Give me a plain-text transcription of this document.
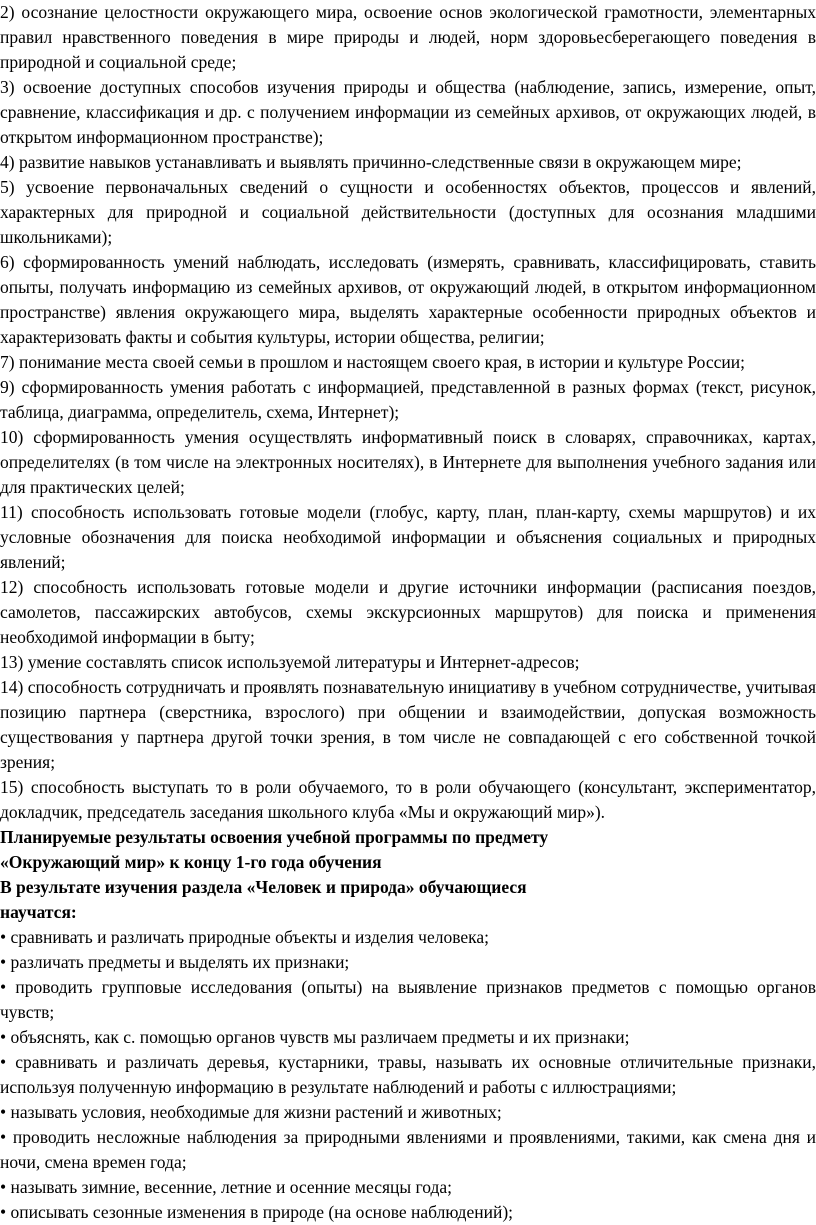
2) осознание целостности окружающего мира, освоение основ экологической грамотности, элементарных правил нравственного поведения в мире природы и людей, норм здоровьесберегающего поведения в природной и социальной среде;

3) освоение доступных способов изучения природы и общества (наблюдение, запись, измерение, опыт, сравнение, классификация и др. с получением информации из семейных архивов, от окружающих людей, в открытом информационном пространстве);

4) развитие навыков устанавливать и выявлять причинно-следственные связи в окружающем мире;

5) усвоение первоначальных сведений о сущности и особенностях объектов, процессов и явлений, характерных для природной и социальной действительности (доступных для осознания младшими школьниками);

6) сформированность умений наблюдать, исследовать (измерять, сравнивать, классифицировать, ставить опыты, получать информацию из семейных архивов, от окружающий людей, в открытом информационном пространстве) явления окружающего мира, выделять характерные особенности природных объектов и характеризовать факты и события культуры, истории общества, религии;

7) понимание места своей семьи в прошлом и настоящем своего края, в истории и культуре России;

9) сформированность умения работать с информацией, представленной в разных формах (текст, рисунок, таблица, диаграмма, определитель, схема, Интернет);

10) сформированность умения осуществлять информативный поиск в словарях, справочниках, картах, определителях (в том числе на электронных носителях), в Интернете для выполнения учебного задания или для практических целей;

11) способность использовать готовые модели (глобус, карту, план, план-карту, схемы маршрутов) и их условные обозначения для поиска необходимой информации и объяснения социальных и природных явлений;

12) способность использовать готовые модели и другие источники информации (расписания поездов, самолетов, пассажирских автобусов, схемы экскурсионных маршрутов) для поиска и применения необходимой информации в быту;

13) умение составлять список используемой литературы и Интернет-адресов;

14) способность сотрудничать и проявлять познавательную инициативу в учебном сотрудничестве, учитывая позицию партнера (сверстника, взрослого) при общении и взаимодействии, допуская возможность существования у партнера другой точки зрения, в том числе не совпадающей с его собственной точкой зрения;

15) способность выступать то в роли обучаемого, то в роли обучающего (консультант, экспериментатор, докладчик, председатель заседания школьного клуба «Мы и окружающий мир»).

Планируемые результаты освоения учебной программы по предмету

«Окружающий мир» к концу 1-го года обучения

В результате изучения раздела «Человек и природа» обучающиеся

научатся:

• сравнивать и различать природные объекты и изделия человека;

• различать предметы и выделять их признаки;

• проводить групповые исследования (опыты) на выявление признаков предметов с помощью органов чувств;

• объяснять, как с. помощью органов чувств мы различаем предметы и их признаки;

• сравнивать и различать деревья, кустарники, травы, называть их основные отличительные признаки, используя полученную информацию в результате наблюдений и работы с иллюстрациями;

• называть условия, необходимые для жизни растений и животных;

• проводить несложные наблюдения за природными явлениями и проявлениями, такими, как смена дня и ночи, смена времен года;

• называть зимние, весенние, летние и осенние месяцы года;

• описывать сезонные изменения в природе (на основе наблюдений);
